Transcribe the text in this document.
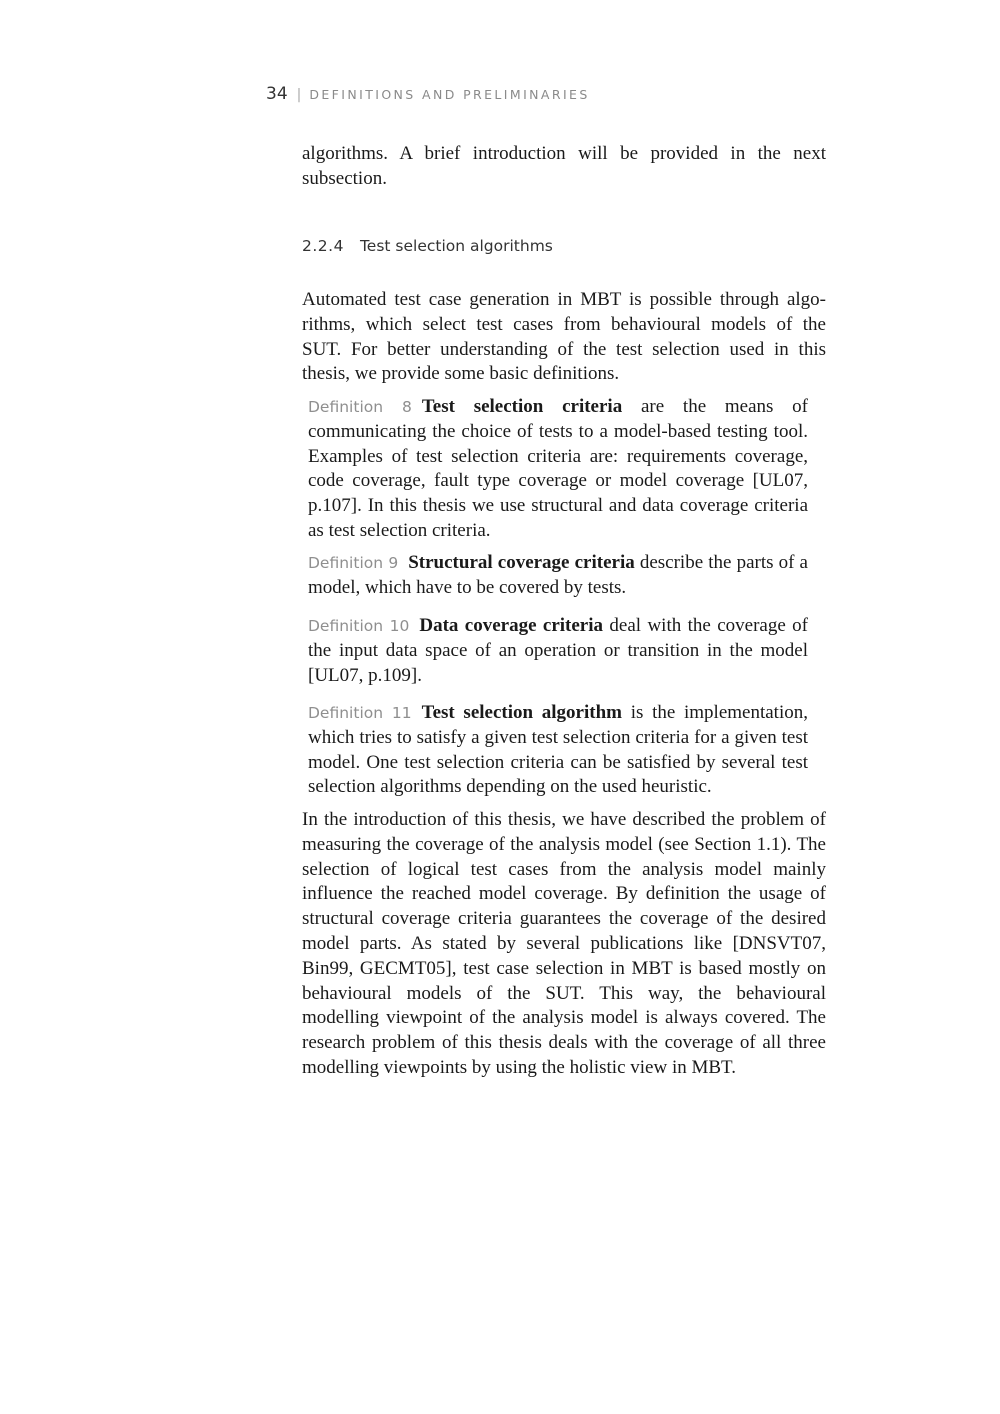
34 | DEFINITIONS AND PRELIMINARIES

algorithms. A brief introduction will be provided in the next

subsection.

2.2.4 Test selection algorithms

Automated test case generation in MBT is possible through algo-

rithms, which select test cases from behavioural models of the

SUT. For better understanding of the test selection used in this

thesis, we provide some basic definitions.

Definition 8 Test selection criteria are the means of communicating the choice of tests to a model-based testing tool. Examples of test selection criteria are: requirements coverage, code coverage, fault type coverage or model coverage [UL07, p.107]. In this thesis we use structural and data coverage criteria as test selection criteria.
Definition 9 Structural coverage criteria describe the parts of a model, which have to be covered by tests.
Definition 10 Data coverage criteria deal with the coverage of the input data space of an operation or transition in the model [UL07, p.109].
Definition 11 Test selection algorithm is the implementation, which tries to satisfy a given test selection criteria for a given test model. One test selection criteria can be satisfied by several test selection algorithms depending on the used heuristic.

In the introduction of this thesis, we have described the problem of measuring the coverage of the analysis model (see Section 1.1). The selection of logical test cases from the analysis model mainly influence the reached model coverage. By definition the usage of structural coverage criteria guarantees the coverage of the desired model parts. As stated by several publications like [DNSVT07, Bin99, GECMT05], test case selection in MBT is based mostly on behavioural models of the SUT. This way, the behavioural modelling viewpoint of the analysis model is always covered. The research problem of this thesis deals with the coverage of all three modelling viewpoints by using the holistic view in MBT.
